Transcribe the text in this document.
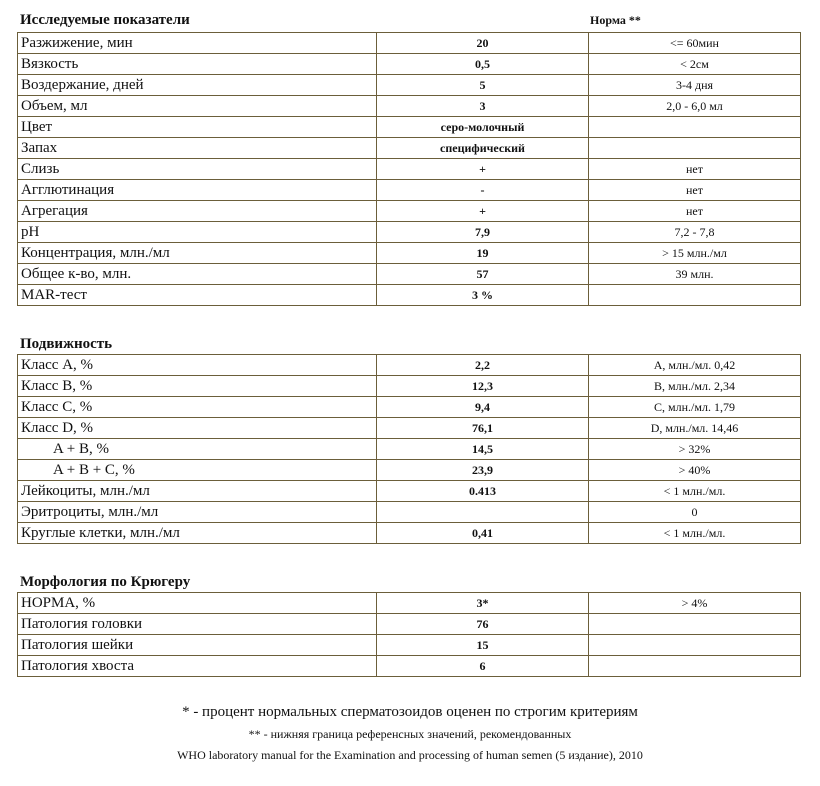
Исследуемые показатели	Норма **
Разжижение, мин	20	<= 60мин
Вязкость	0,5	< 2см
Воздержание, дней	5	3-4 дня
Объем, мл	3	2,0 - 6,0 мл
Цвет	серо-молочный	
Запах	специфический	
Слизь	+	нет
Агглютинация	-	нет
Агрегация	+	нет
pH	7,9	7,2 - 7,8
Концентрация, млн./мл	19	> 15 млн./мл
Общее к-во, млн.	57	39 млн.
MAR-тест	3 %	
Подвижность
Класс А, %	2,2	A, млн./мл. 0,42
Класс B, %	12,3	B, млн./мл. 2,34
Класс C, %	9,4	C, млн./мл. 1,79
Класс D, %	76,1	D, млн./мл. 14,46
A + B, %	14,5	> 32%
A + B + C, %	23,9	> 40%
Лейкоциты, млн./мл	0.413	< 1 млн./мл.
Эритроциты, млн./мл		0
Круглые клетки, млн./мл	0,41	< 1 млн./мл.
Морфология по Крюгеру
НОРМА, %	3*	> 4%
Патология головки	76	
Патология шейки	15	
Патология хвоста	6	
* - процент нормальных сперматозоидов оценен по строгим критериям
** - нижняя граница референсных значений, рекомендованных
WHO laboratory manual for the Examination and processing of human semen (5 издание), 2010
